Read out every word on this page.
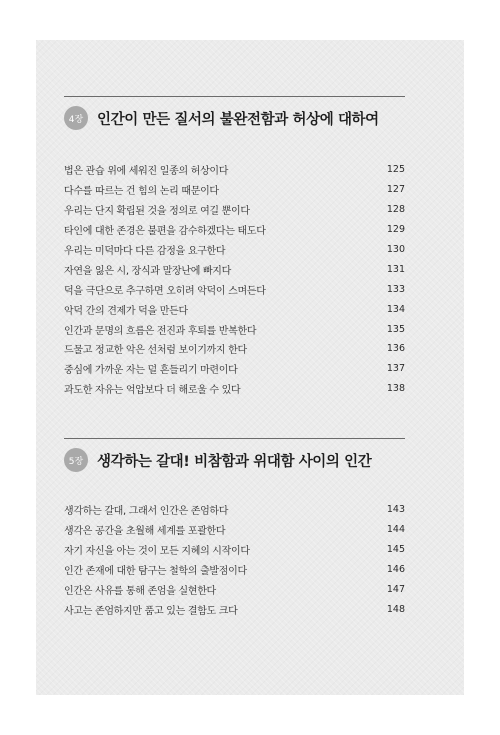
4장 인간이 만든 질서의 불완전함과 허상에 대하여
법은 관습 위에 세워진 일종의 허상이다	125
다수를 따르는 건 힘의 논리 때문이다	127
우리는 단지 확립된 것을 정의로 여길 뿐이다	128
타인에 대한 존경은 불편을 감수하겠다는 태도다	129
우리는 미덕마다 다른 감정을 요구한다	130
자연을 잃은 시, 장식과 말장난에 빠지다	131
덕을 극단으로 추구하면 오히려 악덕이 스며든다	133
악덕 간의 견제가 덕을 만든다	134
인간과 문명의 흐름은 전진과 후퇴를 반복한다	135
드물고 정교한 악은 선처럼 보이기까지 한다	136
중심에 가까운 자는 덜 흔들리기 마련이다	137
과도한 자유는 억압보다 더 해로울 수 있다	138
5장 생각하는 갈대! 비참함과 위대함 사이의 인간
생각하는 갈대, 그래서 인간은 존엄하다	143
생각은 공간을 초월해 세계를 포괄한다	144
자기 자신을 아는 것이 모든 지혜의 시작이다	145
인간 존재에 대한 탐구는 철학의 출발점이다	146
인간은 사유를 통해 존엄을 실현한다	147
사고는 존엄하지만 품고 있는 결함도 크다	148
